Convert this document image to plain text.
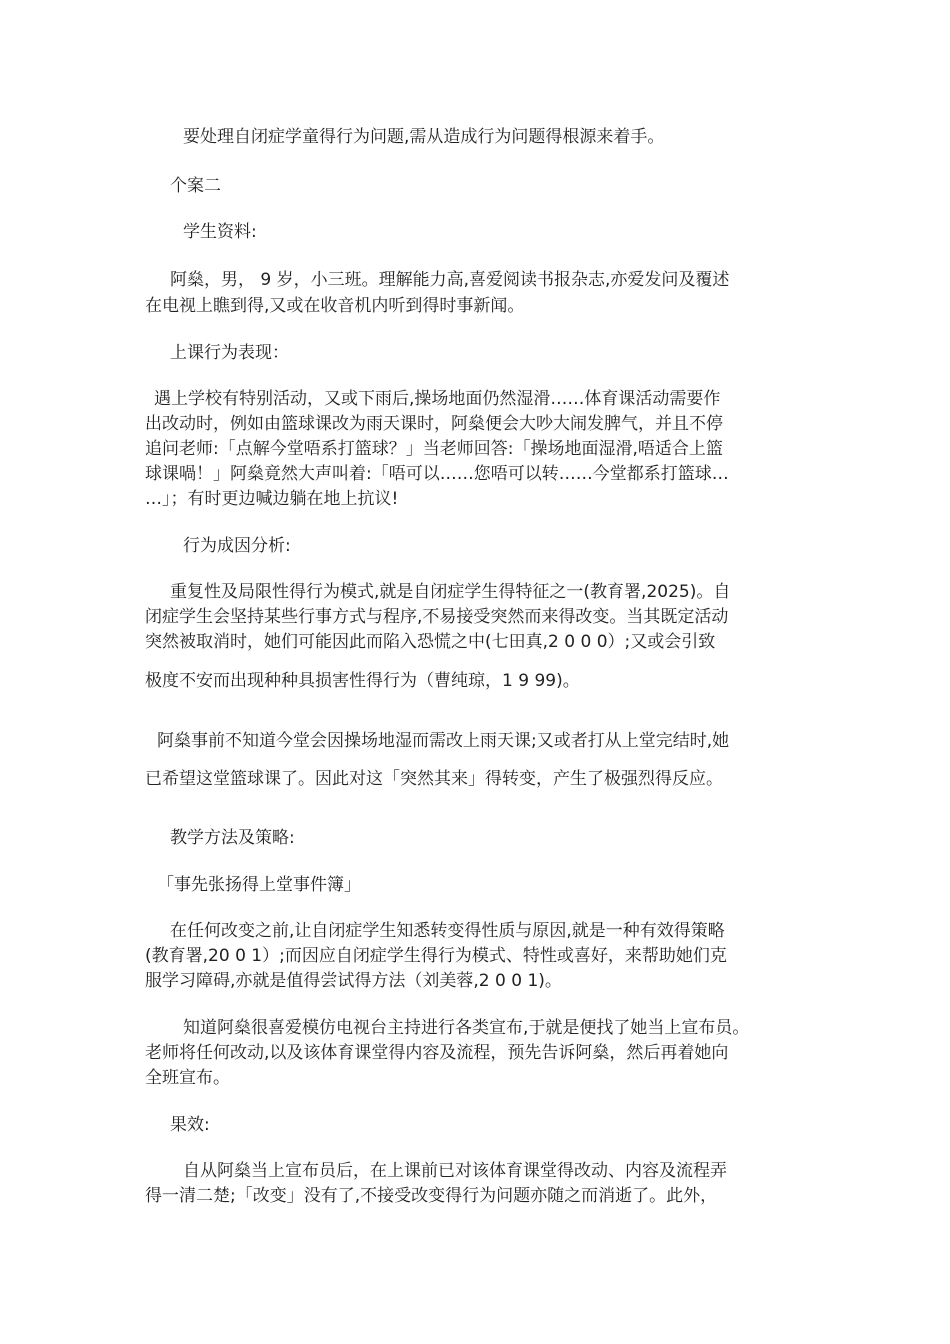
要处理自闭症学童得行为问题,需从造成行为问题得根源来着手。
个案二
学生资料:
阿燊，男， 9 岁，小三班。理解能力高,喜爱阅读书报杂志,亦爱发问及覆述
在电视上瞧到得,又或在收音机内听到得时事新闻。
上课行为表现：
遇上学校有特别活动，又或下雨后,操场地面仍然湿滑……体育课活动需要作
出改动时，例如由篮球课改为雨天课时，阿燊便会大吵大闹发脾气，并且不停
追问老师:「点解今堂唔系打篮球？」当老师回答:「操场地面湿滑,唔适合上篮
球课喎！」阿燊竟然大声叫着:「唔可以……您唔可以转……今堂都系打篮球…
…」；有时更边喊边躺在地上抗议!
行为成因分析:
重复性及局限性得行为模式,就是自闭症学生得特征之一(教育署,2025)。自
闭症学生会坚持某些行事方式与程序,不易接受突然而来得改变。当其既定活动
突然被取消时，她们可能因此而陷入恐慌之中(七田真,2 0 0 0）;又或会引致
极度不安而出现种种具损害性得行为（曹纯琼，1 9 99)。
阿燊事前不知道今堂会因操场地湿而需改上雨天课;又或者打从上堂完结时,她
已希望这堂篮球课了。因此对这「突然其来」得转变，产生了极强烈得反应。
教学方法及策略:
「事先张扬得上堂事件簿」
在任何改变之前,让自闭症学生知悉转变得性质与原因,就是一种有效得策略
(教育署,20 0 1）;而因应自闭症学生得行为模式、特性或喜好，来帮助她们克
服学习障碍,亦就是值得尝试得方法（刘美蓉,2 0 0 1)。
知道阿燊很喜爱模仿电视台主持进行各类宣布,于就是便找了她当上宣布员。
老师将任何改动,以及该体育课堂得内容及流程，预先告诉阿燊，然后再着她向
全班宣布。
果效:
自从阿燊当上宣布员后，在上课前已对该体育课堂得改动、内容及流程弄
得一清二楚;「改变」没有了,不接受改变得行为问题亦随之而消逝了。此外，
